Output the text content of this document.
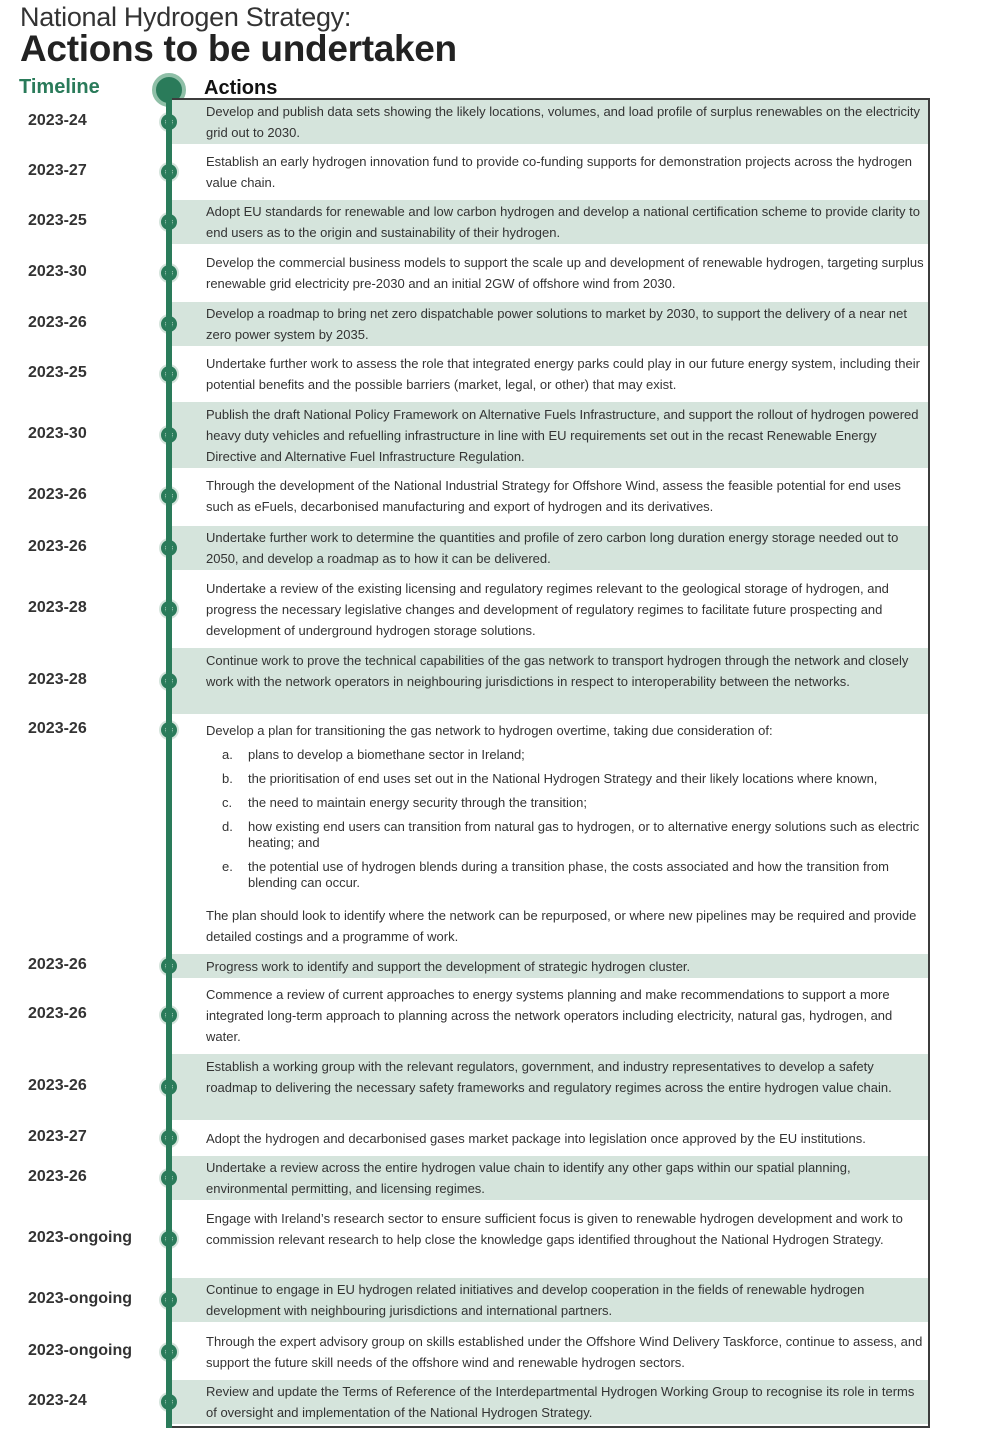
National Hydrogen Strategy:
Actions to be undertaken
Timeline	Actions
2023-24
Develop and publish data sets showing the likely locations, volumes, and load profile of surplus renewables on the electricity grid out to 2030.
2023-27
Establish an early hydrogen innovation fund to provide co-funding supports for demonstration projects across the hydrogen value chain.
2023-25
Adopt EU standards for renewable and low carbon hydrogen and develop a national certification scheme to provide clarity to end users as to the origin and sustainability of their hydrogen.
2023-30
Develop the commercial business models to support the scale up and development of renewable hydrogen, targeting surplus renewable grid electricity pre-2030 and an initial 2GW of offshore wind from 2030.
2023-26
Develop a roadmap to bring net zero dispatchable power solutions to market by 2030, to support the delivery of a near net zero power system by 2035.
2023-25
Undertake further work to assess the role that integrated energy parks could play in our future energy system, including their potential benefits and the possible barriers (market, legal, or other) that may exist.
2023-30
Publish the draft National Policy Framework on Alternative Fuels Infrastructure, and support the rollout of hydrogen powered heavy duty vehicles and refuelling infrastructure in line with EU requirements set out in the recast Renewable Energy Directive and Alternative Fuel Infrastructure Regulation.
2023-26
Through the development of the National Industrial Strategy for Offshore Wind, assess the feasible potential for end uses such as eFuels, decarbonised manufacturing and export of hydrogen and its derivatives.
2023-26
Undertake further work to determine the quantities and profile of zero carbon long duration energy storage needed out to 2050, and develop a roadmap as to how it can be delivered.
2023-28
Undertake a review of the existing licensing and regulatory regimes relevant to the geological storage of hydrogen, and progress the necessary legislative changes and development of regulatory regimes to facilitate future prospecting and development of underground hydrogen storage solutions.
2023-28
Continue work to prove the technical capabilities of the gas network to transport hydrogen through the network and closely work with the network operators in neighbouring jurisdictions in respect to interoperability between the networks.
2023-26	Develop a plan for transitioning the gas network to hydrogen overtime, taking due consideration of:
a. plans to develop a biomethane sector in Ireland;
b. the prioritisation of end uses set out in the National Hydrogen Strategy and their likely locations where known,
c. the need to maintain energy security through the transition;
d. how existing end users can transition from natural gas to hydrogen, or to alternative energy solutions such as electric heating; and
e. the potential use of hydrogen blends during a transition phase, the costs associated and how the transition from blending can occur.
The plan should look to identify where the network can be repurposed, or where new pipelines may be required and provide detailed costings and a programme of work.
2023-26	Progress work to identify and support the development of strategic hydrogen cluster.
2023-26
Commence a review of current approaches to energy systems planning and make recommendations to support a more integrated long-term approach to planning across the network operators including electricity, natural gas, hydrogen, and water.
2023-26
Establish a working group with the relevant regulators, government, and industry representatives to develop a safety roadmap to delivering the necessary safety frameworks and regulatory regimes across the entire hydrogen value chain.
2023-27	Adopt the hydrogen and decarbonised gases market package into legislation once approved by the EU institutions.
2023-26
Undertake a review across the entire hydrogen value chain to identify any other gaps within our spatial planning, environmental permitting, and licensing regimes.
2023-ongoing
Engage with Ireland’s research sector to ensure sufficient focus is given to renewable hydrogen development and work to commission relevant research to help close the knowledge gaps identified throughout the National Hydrogen Strategy.
2023-ongoing
Continue to engage in EU hydrogen related initiatives and develop cooperation in the fields of renewable hydrogen development with neighbouring jurisdictions and international partners.
2023-ongoing
Through the expert advisory group on skills established under the Offshore Wind Delivery Taskforce, continue to assess, and support the future skill needs of the offshore wind and renewable hydrogen sectors.
2023-24
Review and update the Terms of Reference of the Interdepartmental Hydrogen Working Group to recognise its role in terms of oversight and implementation of the National Hydrogen Strategy.
